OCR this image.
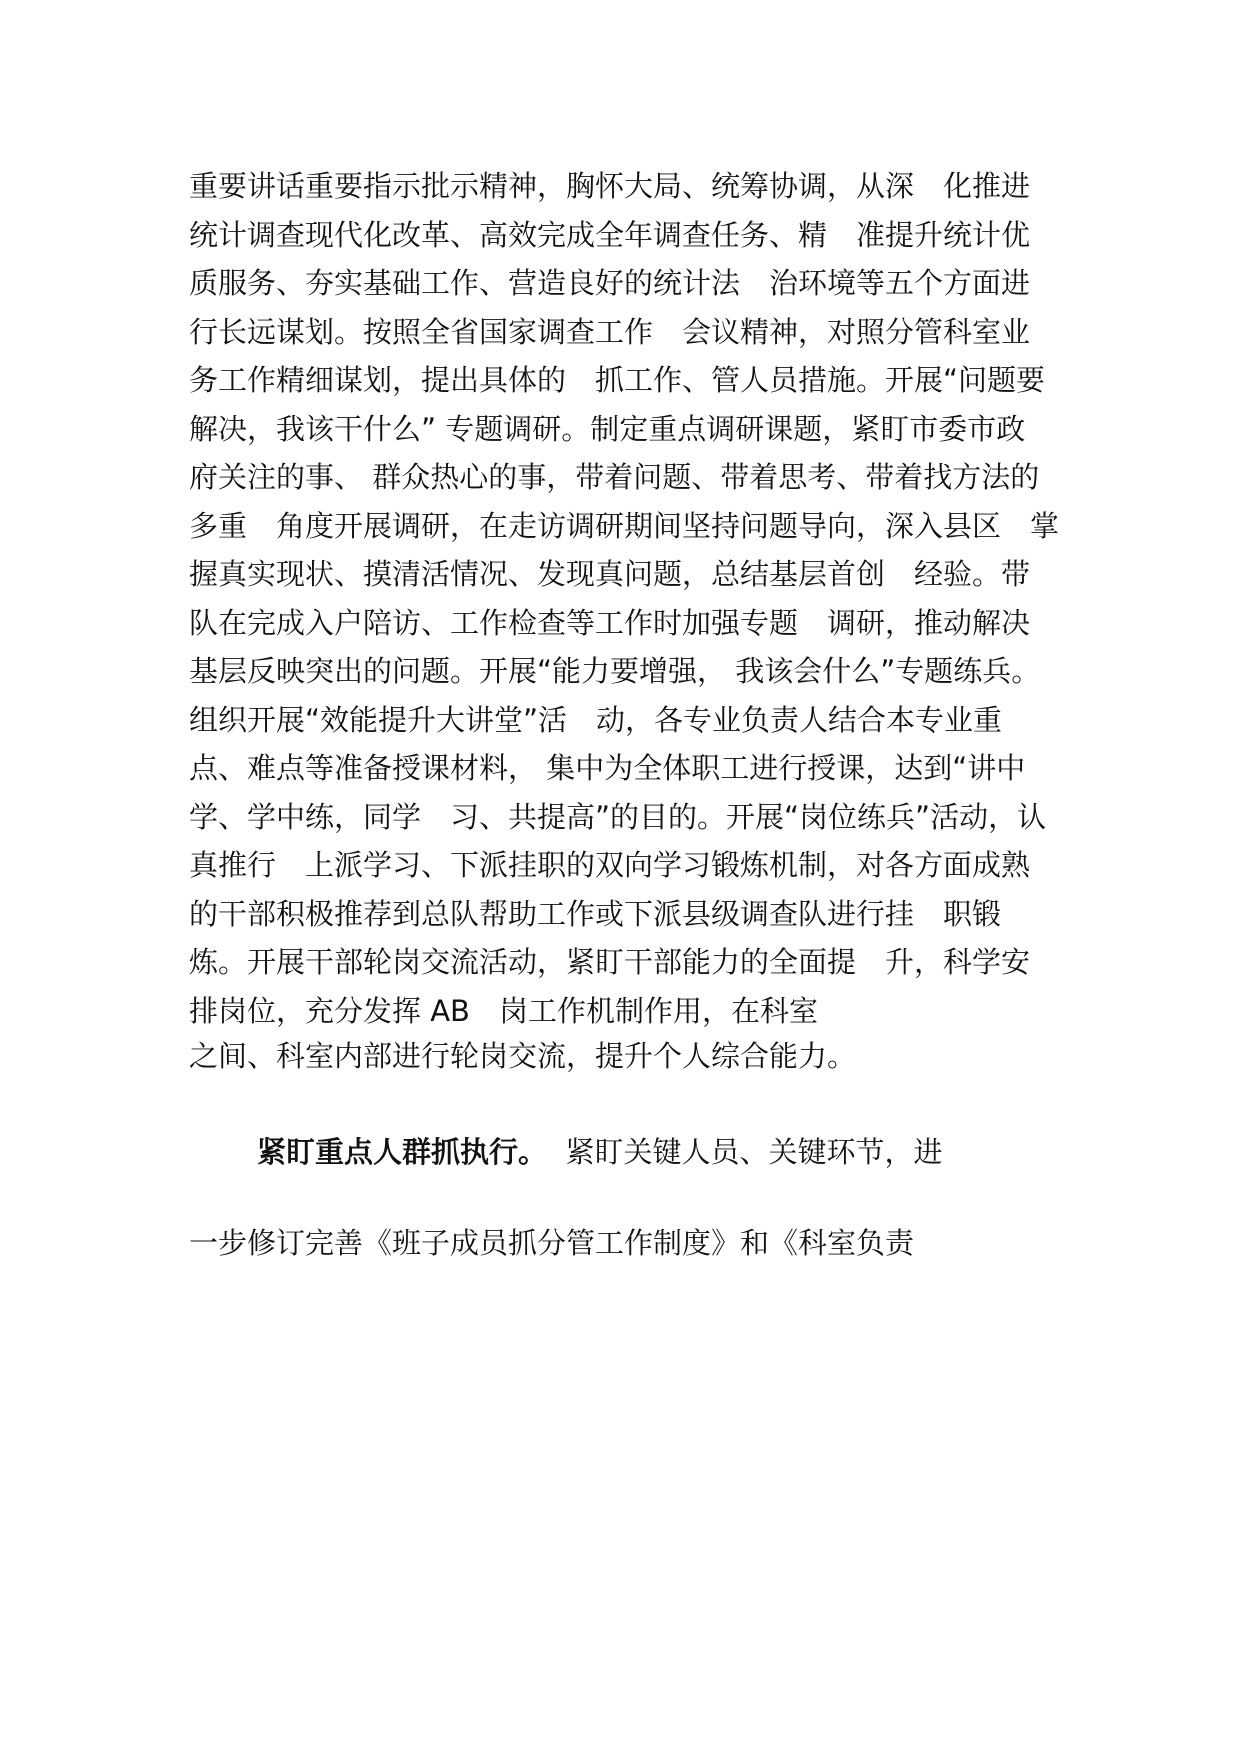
重要讲话重要指示批示精神，胸怀大局、统筹协调，从深　化推进
统计调查现代化改革、高效完成全年调查任务、精　准提升统计优
质服务、夯实基础工作、营造良好的统计法　治环境等五个方面进
行长远谋划。按照全省国家调查工作　会议精神，对照分管科室业
务工作精细谋划，提出具体的　抓工作、管人员措施。开展“问题要
解决，我该干什么” 专题调研。制定重点调研课题，紧盯市委市政
府关注的事、 群众热心的事，带着问题、带着思考、带着找方法的
多重　角度开展调研，在走访调研期间坚持问题导向，深入县区　掌
握真实现状、摸清活情况、发现真问题，总结基层首创　经验。带
队在完成入户陪访、工作检查等工作时加强专题　调研，推动解决
基层反映突出的问题。开展“能力要增强， 我该会什么”专题练兵。
组织开展“效能提升大讲堂”活　动，各专业负责人结合本专业重
点、难点等准备授课材料， 集中为全体职工进行授课，达到“讲中
学、学中练，同学　习、共提高”的目的。开展“岗位练兵”活动，认
真推行　上派学习、下派挂职的双向学习锻炼机制，对各方面成熟
的干部积极推荐到总队帮助工作或下派县级调查队进行挂　职锻
炼。开展干部轮岗交流活动，紧盯干部能力的全面提　升，科学安
排岗位，充分发挥 AB　岗工作机制作用，在科室
之间、科室内部进行轮岗交流，提升个人综合能力。
紧盯重点人群抓执行。  紧盯关键人员、关键环节，进
一步修订完善《班子成员抓分管工作制度》和《科室负责
